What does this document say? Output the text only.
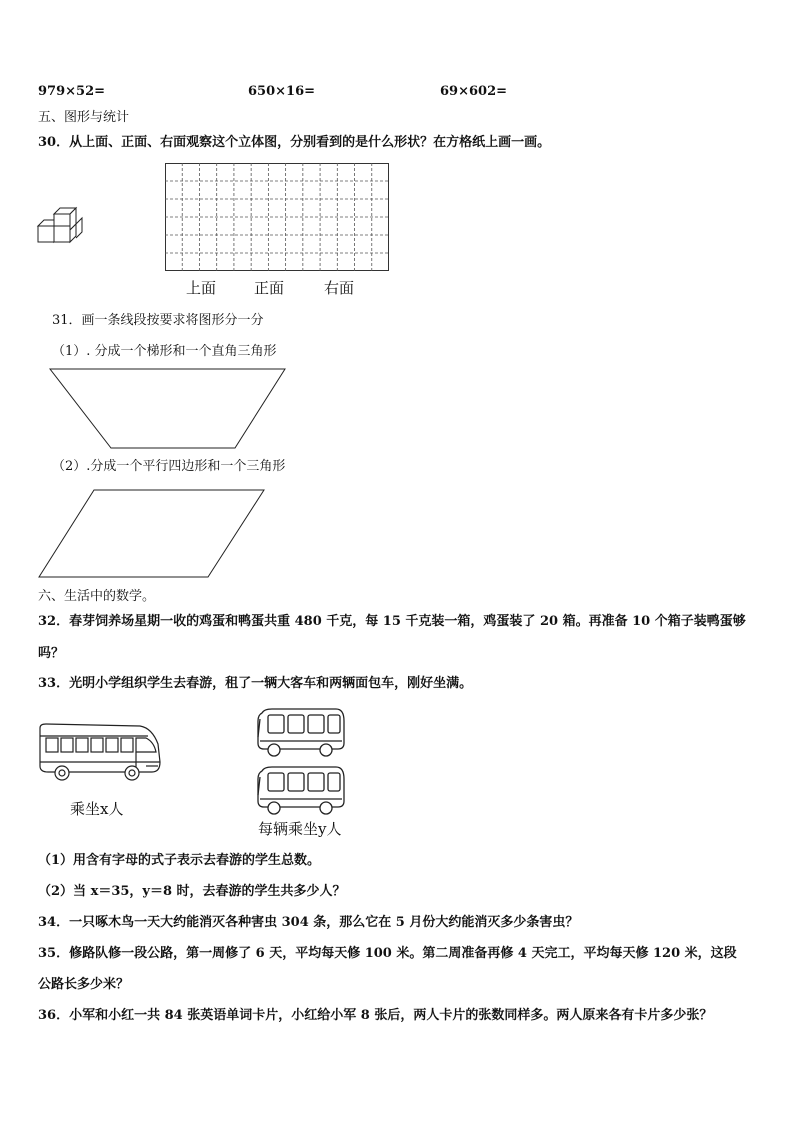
979×52=	650×16=	69×602=
五、图形与统计
30．从上面、正面、右面观察这个立体图，分别看到的是什么形状？在方格纸上画一画。
上面	正面	右面
31．画一条线段按要求将图形分一分
（1）. 分成一个梯形和一个直角三角形
（2）.分成一个平行四边形和一个三角形
六、生活中的数学。
32．春芽饲养场星期一收的鸡蛋和鸭蛋共重 480 千克，每 15 千克装一箱，鸡蛋装了 20 箱。再准备 10 个箱子装鸭蛋够
吗？
33．光明小学组织学生去春游，租了一辆大客车和两辆面包车，刚好坐满。
乘坐x人
每辆乘坐y人
（1）用含有字母的式子表示去春游的学生总数。
（2）当 x＝35，y＝8 时，去春游的学生共多少人？
34．一只啄木鸟一天大约能消灭各种害虫 304 条，那么它在 5 月份大约能消灭多少条害虫？
35．修路队修一段公路，第一周修了 6 天，平均每天修 100 米。第二周准备再修 4 天完工，平均每天修 120 米，这段
公路长多少米？
36．小军和小红一共 84 张英语单词卡片，小红给小军 8 张后，两人卡片的张数同样多。两人原来各有卡片多少张？
